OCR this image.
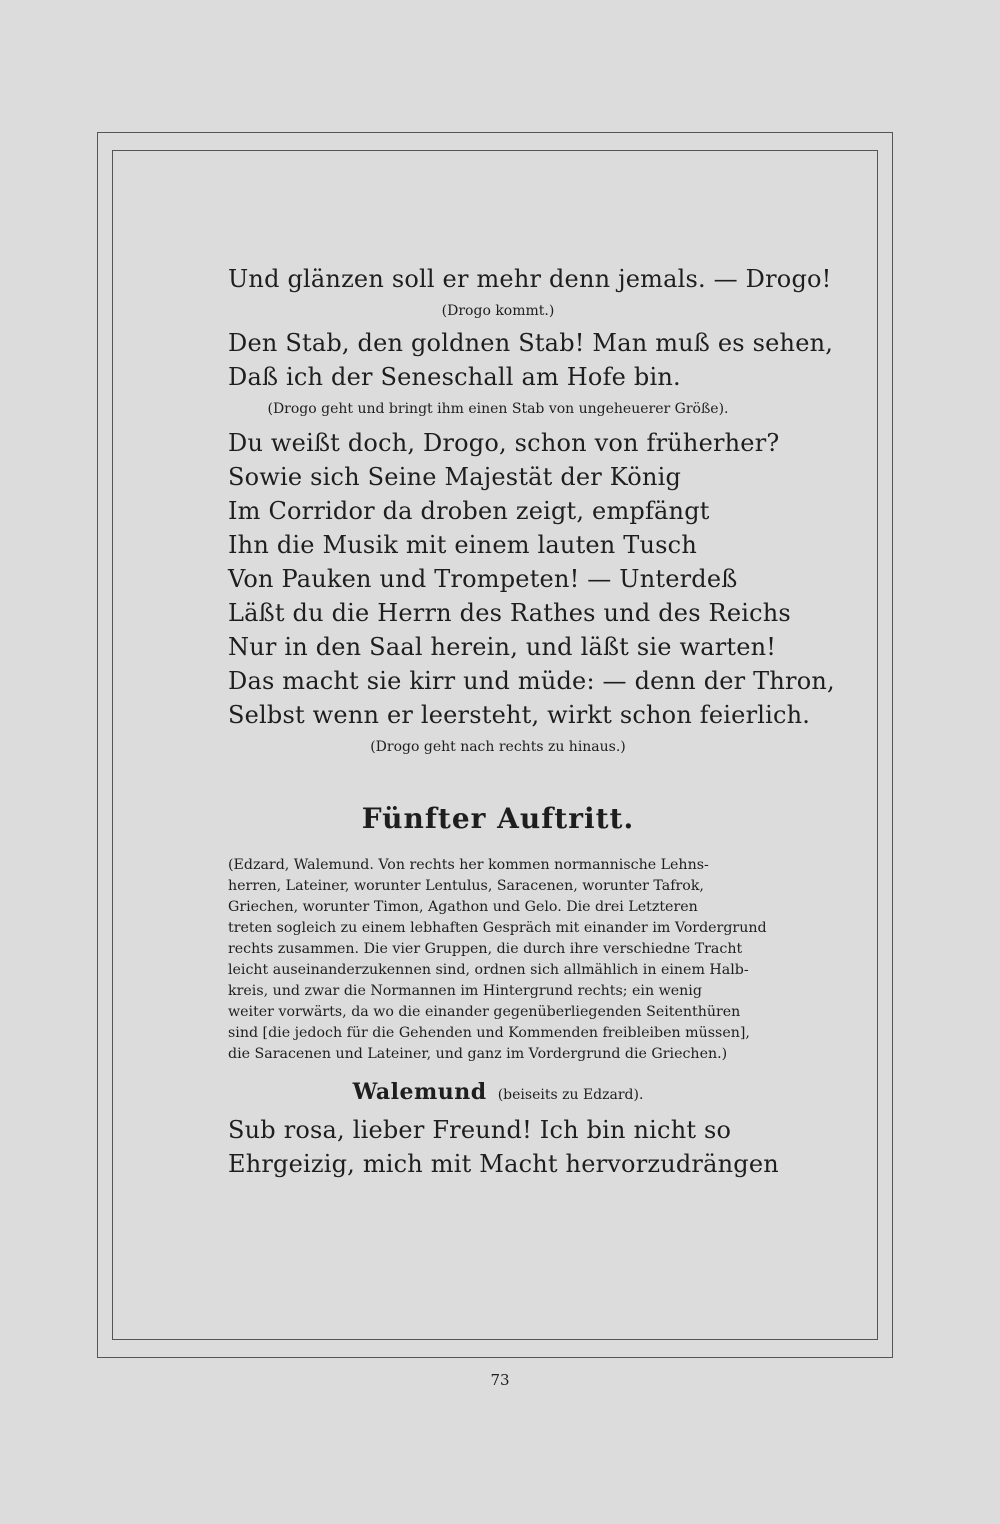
Und glänzen soll er mehr denn jemals. — Drogo!
(Drogo kommt.)
Den Stab, den goldnen Stab! Man muß es sehen,
Daß ich der Seneschall am Hofe bin.
(Drogo geht und bringt ihm einen Stab von ungeheuerer Größe).
Du weißt doch, Drogo, schon von früherher?
Sowie sich Seine Majestät der König
Im Corridor da droben zeigt, empfängt
Ihn die Musik mit einem lauten Tusch
Von Pauken und Trompeten! — Unterdeß
Läßt du die Herrn des Rathes und des Reichs
Nur in den Saal herein, und läßt sie warten!
Das macht sie kirr und müde: — denn der Thron,
Selbst wenn er leersteht, wirkt schon feierlich.
(Drogo geht nach rechts zu hinaus.)
Fünfter Auftritt.
(Edzard, Walemund. Von rechts her kommen normannische Lehns-
herren, Lateiner, worunter Lentulus, Saracenen, worunter Tafrok,
Griechen, worunter Timon, Agathon und Gelo. Die drei Letzteren
treten sogleich zu einem lebhaften Gespräch mit einander im Vordergrund
rechts zusammen. Die vier Gruppen, die durch ihre verschiedne Tracht
leicht auseinanderzukennen sind, ordnen sich allmählich in einem Halb-
kreis, und zwar die Normannen im Hintergrund rechts; ein wenig
weiter vorwärts, da wo die einander gegenüberliegenden Seitenthüren
sind [die jedoch für die Gehenden und Kommenden freibleiben müssen],
die Saracenen und Lateiner, und ganz im Vordergrund die Griechen.)
Walemund (beiseits zu Edzard).
Sub rosa, lieber Freund! Ich bin nicht so
Ehrgeizig, mich mit Macht hervorzudrängen
73
